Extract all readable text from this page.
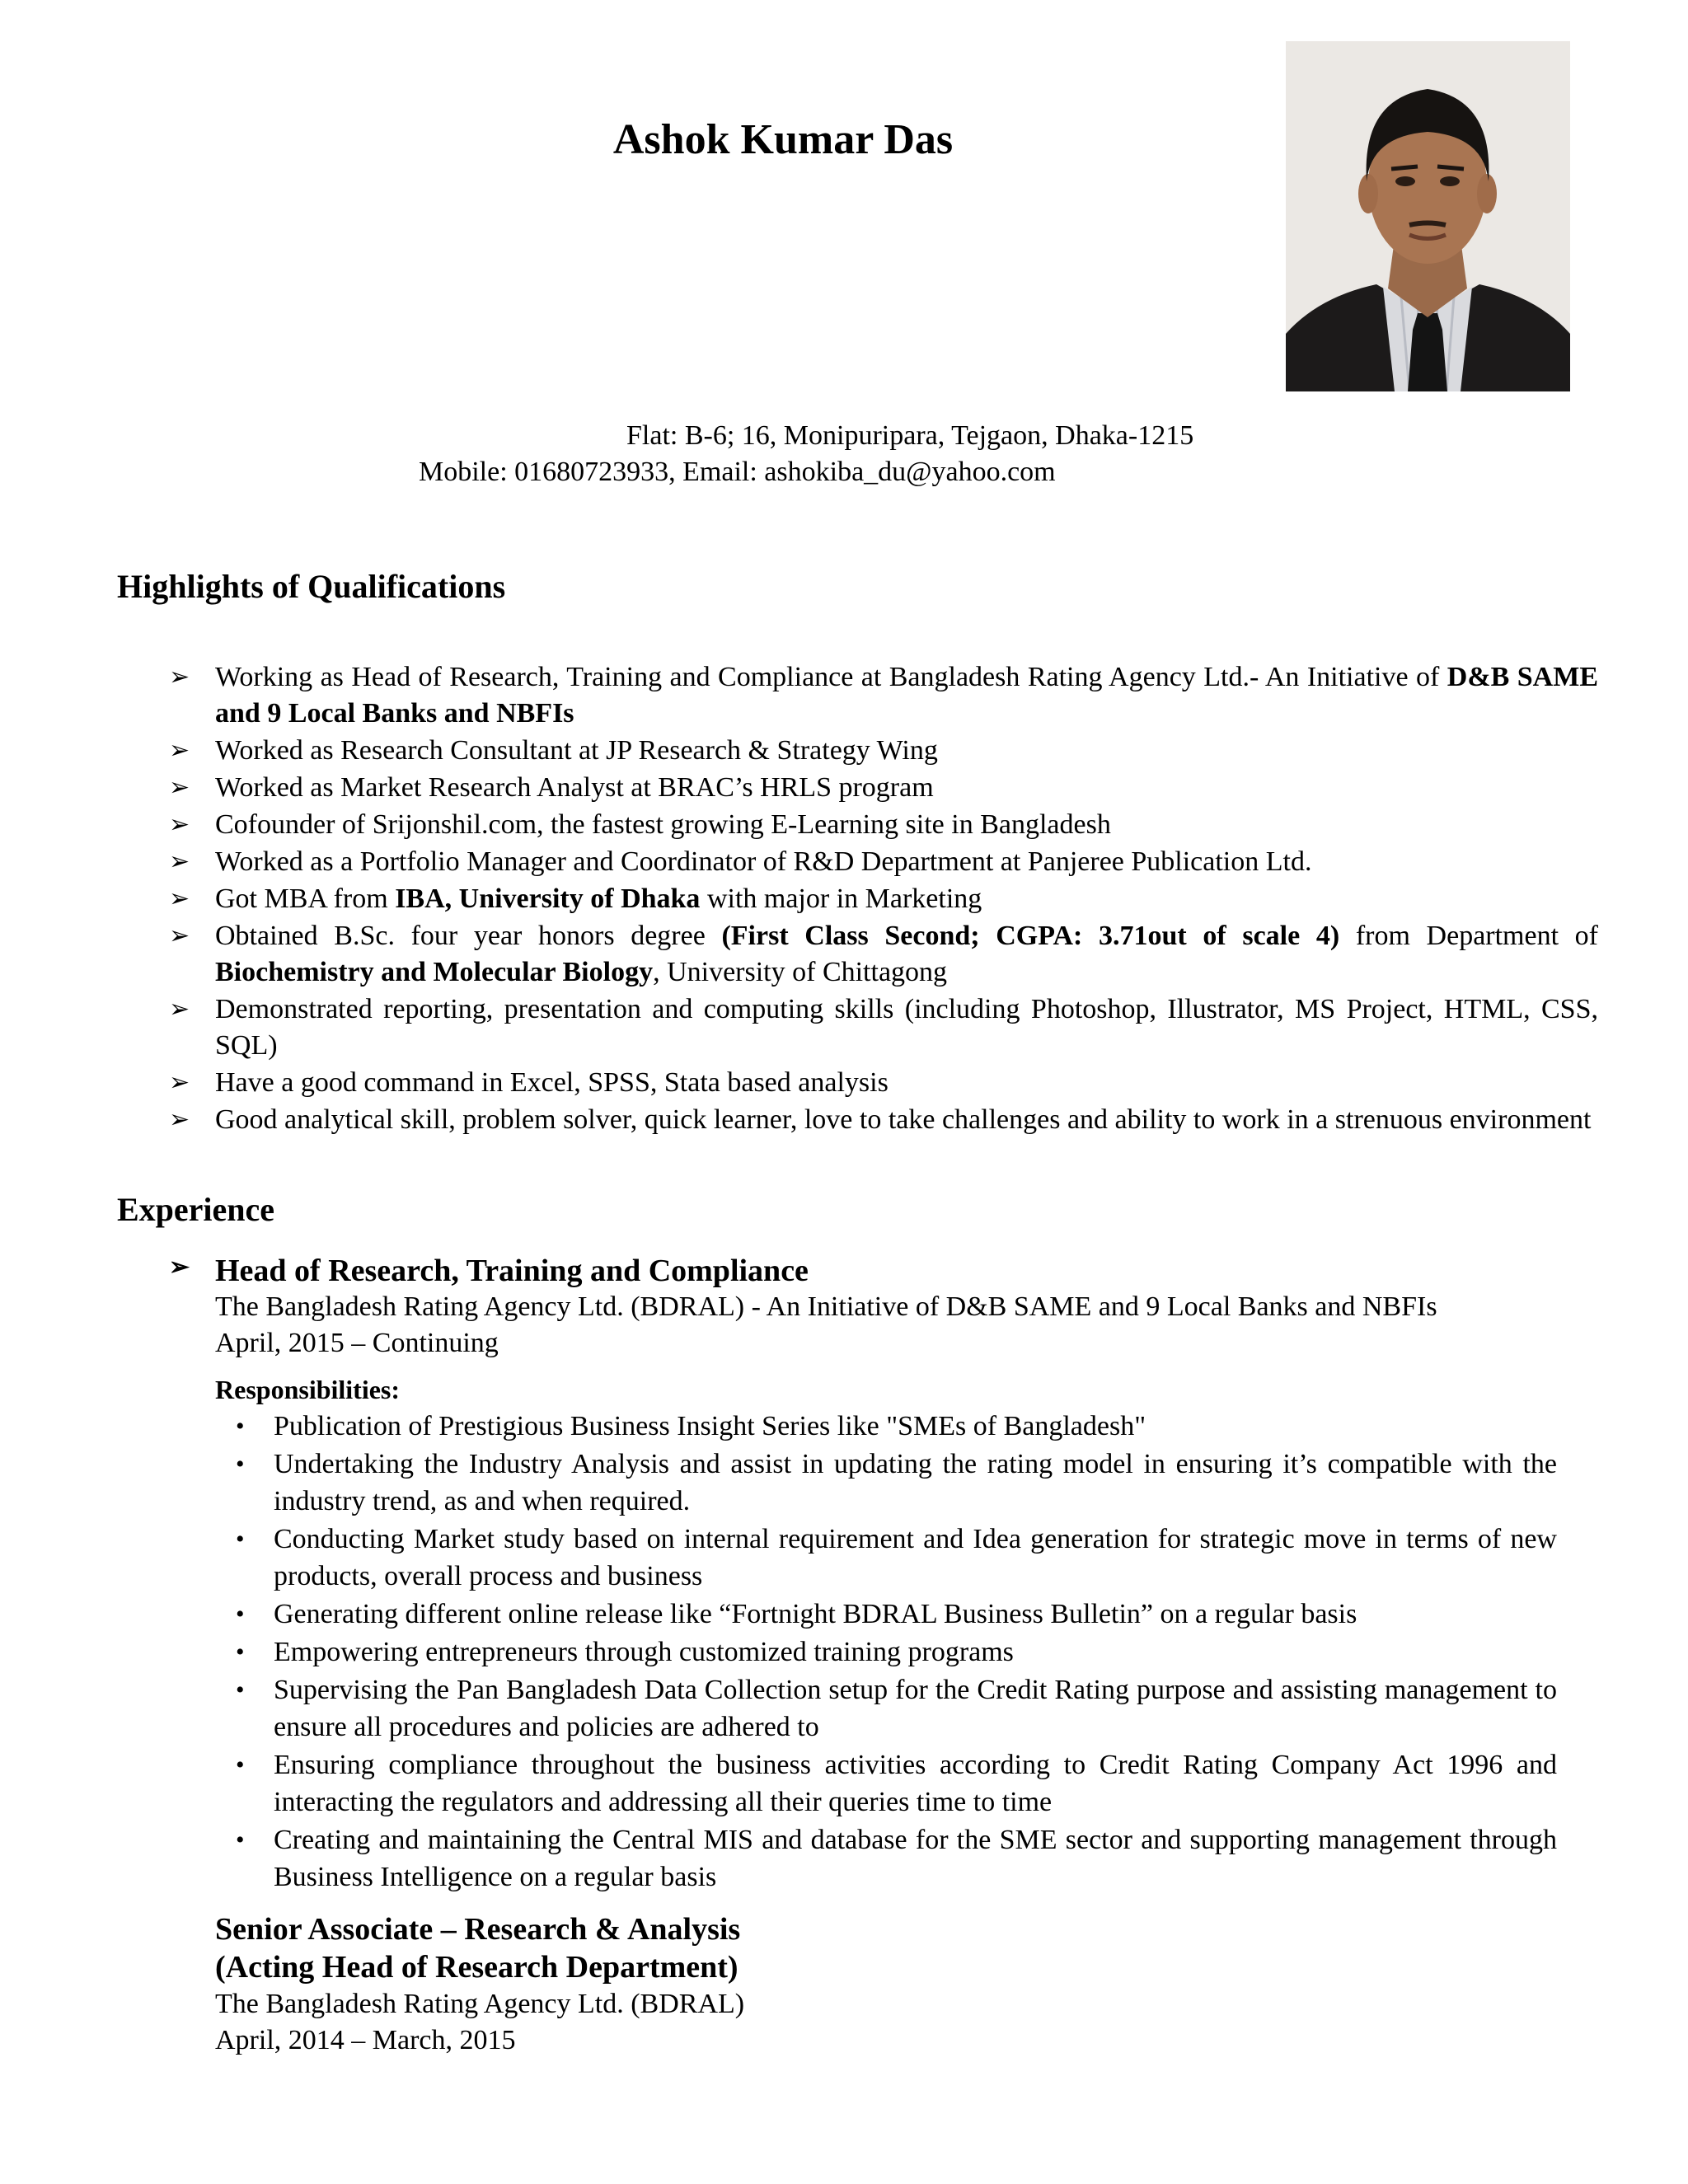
Ashok Kumar Das
Flat: B-6; 16, Monipuripara, Tejgaon, Dhaka-1215
Mobile: 01680723933, Email: ashokiba_du@yahoo.com
Highlights of Qualifications
➢ Working as Head of Research, Training and Compliance at Bangladesh Rating Agency Ltd.- An Initiative of D&B SAME and 9 Local Banks and NBFIs
➢ Worked as Research Consultant at JP Research & Strategy Wing
➢ Worked as Market Research Analyst at BRAC’s HRLS program
➢ Cofounder of Srijonshil.com, the fastest growing E-Learning site in Bangladesh
➢ Worked as a Portfolio Manager and Coordinator of R&D Department at Panjeree Publication Ltd.
➢ Got MBA from IBA, University of Dhaka with major in Marketing
➢ Obtained B.Sc. four year honors degree (First Class Second; CGPA: 3.71out of scale 4) from Department of Biochemistry and Molecular Biology, University of Chittagong
➢ Demonstrated reporting, presentation and computing skills (including Photoshop, Illustrator, MS Project, HTML, CSS, SQL)
➢ Have a good command in Excel, SPSS, Stata based analysis
➢ Good analytical skill, problem solver, quick learner, love to take challenges and ability to work in a strenuous environment
Experience
➢ Head of Research, Training and Compliance
The Bangladesh Rating Agency Ltd. (BDRAL) - An Initiative of D&B SAME and 9 Local Banks and NBFIs
April, 2015 – Continuing
Responsibilities:
• Publication of Prestigious Business Insight Series like "SMEs of Bangladesh"
• Undertaking the Industry Analysis and assist in updating the rating model in ensuring it’s compatible with the industry trend, as and when required.
• Conducting Market study based on internal requirement and Idea generation for strategic move in terms of new products, overall process and business
• Generating different online release like “Fortnight BDRAL Business Bulletin” on a regular basis
• Empowering entrepreneurs through customized training programs
• Supervising the Pan Bangladesh Data Collection setup for the Credit Rating purpose and assisting management to ensure all procedures and policies are adhered to
• Ensuring compliance throughout the business activities according to Credit Rating Company Act 1996 and interacting the regulators and addressing all their queries time to time
• Creating and maintaining the Central MIS and database for the SME sector and supporting management through Business Intelligence on a regular basis
Senior Associate – Research & Analysis
(Acting Head of Research Department)
The Bangladesh Rating Agency Ltd. (BDRAL)
April, 2014 – March, 2015
